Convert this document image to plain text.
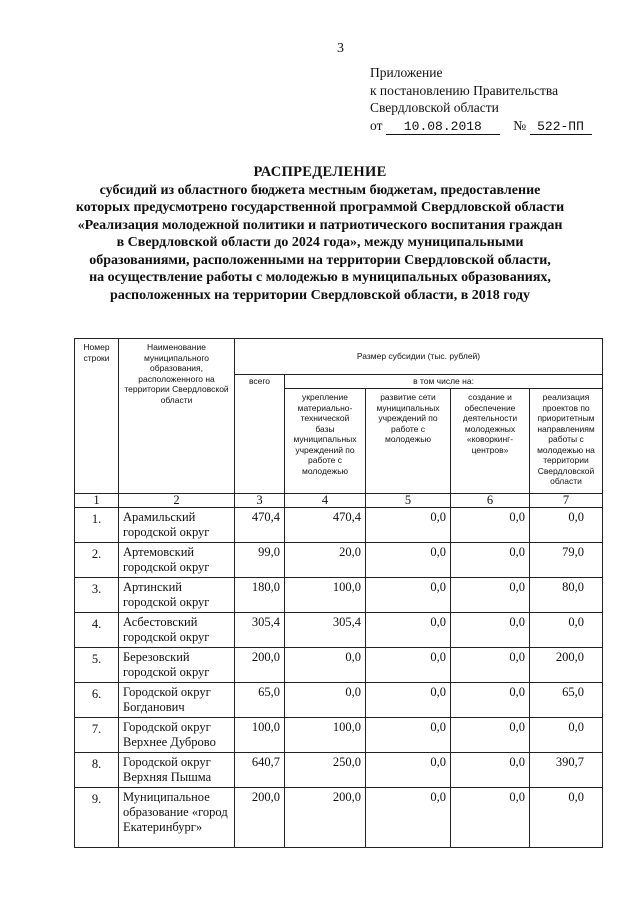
3
Приложение
к постановлению Правительства
Свердловской области
от 10.08.2018 № 522-ПП
РАСПРЕДЕЛЕНИЕ
субсидий из областного бюджета местным бюджетам, предоставление
которых предусмотрено государственной программой Свердловской области
«Реализация молодежной политики и патриотического воспитания граждан
в Свердловской области до 2024 года», между муниципальными
образованиями, расположенными на территории Свердловской области,
на осуществление работы с молодежью в муниципальных образованиях,
расположенных на территории Свердловской области, в 2018 году
Номер строки	Наименование муниципального образования, расположенного на территории Свердловской области	Размер субсидии (тыс. рублей)				
		всего	в том числе на:			
			укрепление материально-технической базы муниципальных учреждений по работе с молодежью	развитие сети муниципальных учреждений по работе с молодежью	создание и обеспечение деятельности молодежных «коворкинг-центров»	реализация проектов по приоритетным направлениям работы с молодежью на территории Свердловской области
1	2	3	4	5	6	7
1.	Арамильский городской округ	470,4	470,4	0,0	0,0	0,0
2.	Артемовский городской округ	99,0	20,0	0,0	0,0	79,0
3.	Артинский городской округ	180,0	100,0	0,0	0,0	80,0
4.	Асбестовский городской округ	305,4	305,4	0,0	0,0	0,0
5.	Березовский городской округ	200,0	0,0	0,0	0,0	200,0
6.	Городской округ Богданович	65,0	0,0	0,0	0,0	65,0
7.	Городской округ Верхнее Дуброво	100,0	100,0	0,0	0,0	0,0
8.	Городской округ Верхняя Пышма	640,7	250,0	0,0	0,0	390,7
9.	Муниципальное образование «город Екатеринбург»	200,0	200,0	0,0	0,0	0,0
